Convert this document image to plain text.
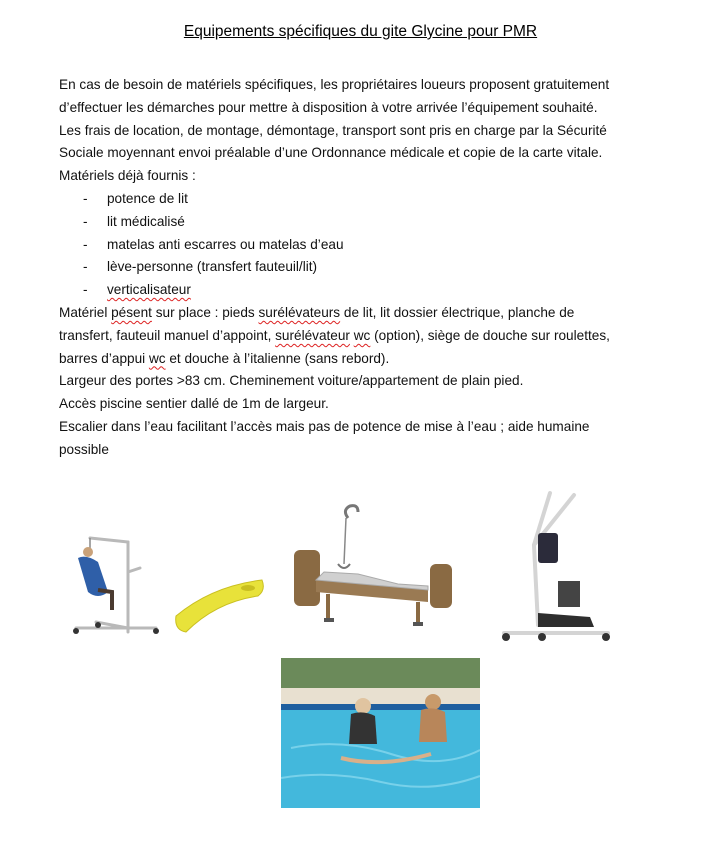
Equipements spécifiques du gite Glycine pour PMR

En cas de besoin de matériels spécifiques, les propriétaires loueurs proposent gratuitement

d’effectuer les démarches pour mettre à disposition à votre arrivée l’équipement souhaité.

Les frais de location, de montage, démontage, transport sont pris en charge par la Sécurité

Sociale moyennant envoi préalable d’une Ordonnance médicale et copie de la carte vitale.

Matériels déjà fournis :

- potence de lit
- lit médicalisé
- matelas anti escarres ou matelas d’eau
- lève-personne (transfert fauteuil/lit)
- verticalisateur

Matériel pésent sur place : pieds surélévateurs de lit, lit dossier électrique, planche de

transfert, fauteuil manuel d’appoint, surélévateur wc (option), siège de douche sur roulettes,

barres d’appui wc et douche à l’italienne (sans rebord).

Largeur des portes >83 cm. Cheminement voiture/appartement de plain pied.

Accès piscine sentier dallé de 1m de largeur.

Escalier dans l’eau facilitant l’accès mais pas de potence de mise à l’eau ; aide humaine

possible
